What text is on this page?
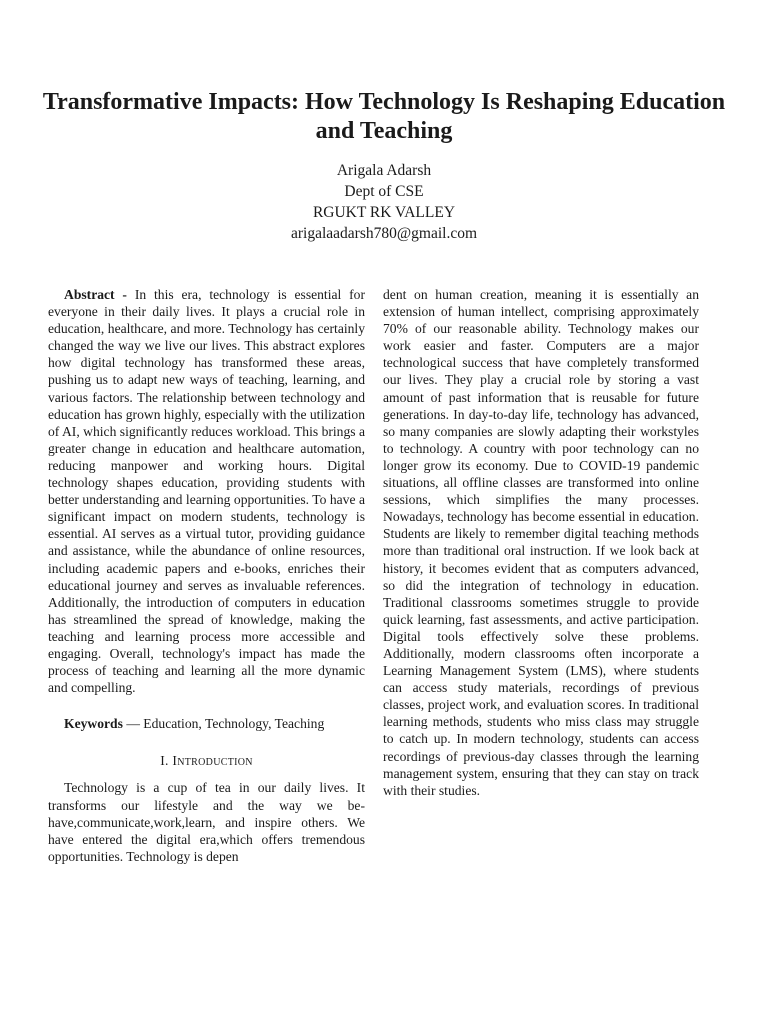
Transformative Impacts: How Technology Is Reshaping Education and Teaching
Arigala Adarsh
Dept of CSE
RGUKT RK VALLEY
arigalaadarsh780@gmail.com

Abstract - In this era, technology is essential for everyone in their daily lives. It plays a crucial role in education, healthcare, and more. Technology has certainly changed the way we live our lives. This abstract explores how digital technology has transformed these areas, pushing us to adapt new ways of teaching, learning, and various factors. The relationship between technology and education has grown highly, especially with the utilization of AI, which significantly reduces workload. This brings a greater change in education and healthcare automation, reducing manpower and working hours. Digital technology shapes education, providing students with better understanding and learning opportunities. To have a significant impact on modern students, technology is essential. AI serves as a virtual tutor, providing guidance and assistance, while the abundance of online resources, including academic papers and e-books, enriches their educational journey and serves as invaluable references. Additionally, the introduction of computers in education has streamlined the spread of knowledge, making the teaching and learning process more accessible and engaging. Overall, technology's impact has made the process of teaching and learning all the more dynamic and compelling.

Keywords — Education, Technology, Teaching

I. Introduction

Technology is a cup of tea in our daily lives. It transforms our lifestyle and the way we behave,communicate,work,learn, and inspire others. We have entered the digital era,which offers tremendous opportunities. Technology is depen

dent on human creation, meaning it is essentially an extension of human intellect, comprising approximately 70% of our reasonable ability. Technology makes our work easier and faster. Computers are a major technological success that have completely transformed our lives. They play a crucial role by storing a vast amount of past information that is reusable for future generations. In day-to-day life, technology has advanced, so many companies are slowly adapting their workstyles to technology. A country with poor technology can no longer grow its economy. Due to COVID-19 pandemic situations, all offline classes are transformed into online sessions, which simplifies the many processes. Nowadays, technology has become essential in education. Students are likely to remember digital teaching methods more than traditional oral instruction. If we look back at history, it becomes evident that as computers advanced, so did the integration of technology in education. Traditional classrooms sometimes struggle to provide quick learning, fast assessments, and active participation. Digital tools effectively solve these problems. Additionally, modern classrooms often incorporate a Learning Management System (LMS), where students can access study materials, recordings of previous classes, project work, and evaluation scores. In traditional learning methods, students who miss class may struggle to catch up. In modern technology, students can access recordings of previous-day classes through the learning management system, ensuring that they can stay on track with their studies.
